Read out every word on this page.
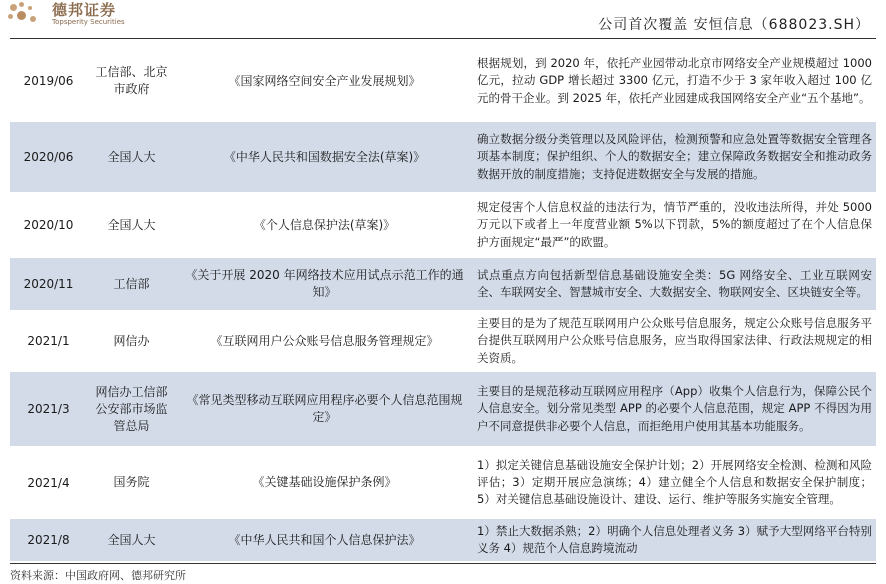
德邦证券
Topsperity Securities	公司首次覆盖 安恒信息（688023.SH）
2019/06	工信部、北京市政府	《国家网络空间安全产业发展规划》	根据规划，到 2020 年，依托产业园带动北京市网络安全产业规模超过 1000 亿元，拉动 GDP 增长超过 3300 亿元，打造不少于 3 家年收入超过 100 亿元的骨干企业。到 2025 年，依托产业园建成我国网络安全产业“五个基地”。
2020/06	全国人大	《中华人民共和国数据安全法(草案)》	确立数据分级分类管理以及风险评估，检测预警和应急处置等数据安全管理各项基本制度；保护组织、个人的数据安全；建立保障政务数据安全和推动政务数据开放的制度措施；支持促进数据安全与发展的措施。
2020/10	全国人大	《个人信息保护法(草案)》	规定侵害个人信息权益的违法行为，情节严重的，没收违法所得，并处 5000 万元以下或者上一年度营业额 5%以下罚款，5%的额度超过了在个人信息保护方面规定“最严”的欧盟。
2020/11	工信部	《关于开展 2020 年网络技术应用试点示范工作的通知》	试点重点方向包括新型信息基础设施安全类：5G 网络安全、工业互联网安全、车联网安全、智慧城市安全、大数据安全、物联网安全、区块链安全等。
2021/1	网信办	《互联网用户公众账号信息服务管理规定》	主要目的是为了规范互联网用户公众账号信息服务，规定公众账号信息服务平台提供互联网用户公众账号信息服务，应当取得国家法律、行政法规规定的相关资质。
2021/3	网信办工信部公安部市场监管总局	《常见类型移动互联网应用程序必要个人信息范围规定》	主要目的是规范移动互联网应用程序（App）收集个人信息行为，保障公民个人信息安全。划分常见类型 APP 的必要个人信息范围，规定 APP 不得因为用户不同意提供非必要个人信息，而拒绝用户使用其基本功能服务。
2021/4	国务院	《关键基础设施保护条例》	1）拟定关键信息基础设施安全保护计划；2）开展网络安全检测、检测和风险评估；3）定期开展应急演练；4）建立健全个人信息和数据安全保护制度；5）对关键信息基础设施设计、建设、运行、维护等服务实施安全管理。
2021/8	全国人大	《中华人民共和国个人信息保护法》	1）禁止大数据杀熟；2）明确个人信息处理者义务 3）赋予大型网络平台特别义务 4）规范个人信息跨境流动
资料来源：中国政府网、德邦研究所
